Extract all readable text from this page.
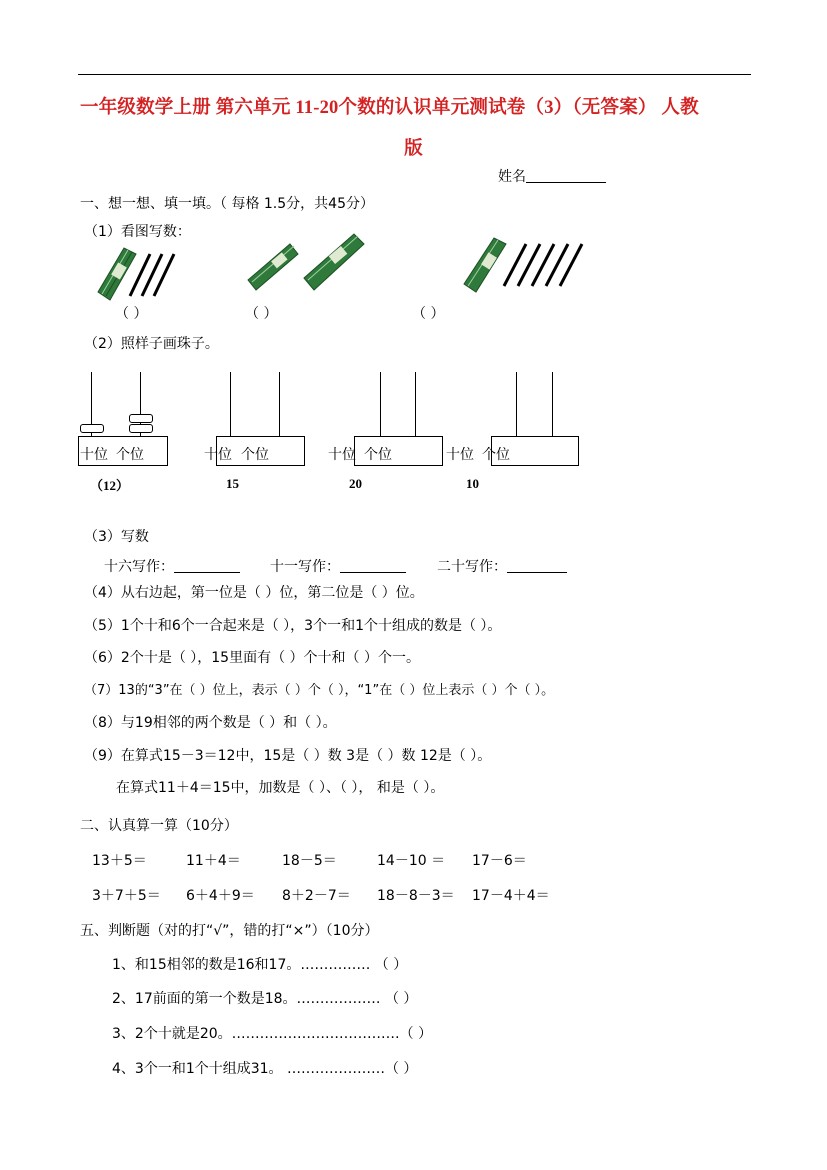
一年级数学上册 第六单元 11-20个数的认识单元测试卷（3）（无答案） 人教
版
姓名
一、想一想、填一填。（ 每格 1.5分，共45分）
（1）看图写数：
（ ）	（ ）	（ ）
（2）照样子画珠子。
十位 个位
（12）
十位 个位
15
十位 个位
20
十位 个位
10
（3）写数
十六写作：	十一写作：	二十写作：
（4）从右边起，第一位是（ ）位，第二位是（ ）位。
（5）1个十和6个一合起来是（ ），3个一和1个十组成的数是（ ）。
（6）2个十是（ ），15里面有（ ）个十和（ ）个一。
（7）13的“3”在（ ）位上，表示（ ）个（ ），“1”在（ ）位上表示（ ）个（ ）。
（8）与19相邻的两个数是（ ）和（ ）。
（9）在算式15－3＝12中，15是（ ）数 3是（ ）数 12是（ ）。
在算式11＋4＝15中，加数是（ ）、（ ）， 和是（ ）。
二、认真算一算（10分）
13＋5＝	11＋4＝	18－5＝	14－10 ＝ 17－6＝
3＋7＋5＝ 6＋4＋9＝ 8＋2－7＝ 18－8－3＝ 17－4＋4＝
五、判断题（对的打“√”，错的打“×”）（10分）
1、和15相邻的数是16和17。…………… （ ）
2、17前面的第一个数是18。……………… （ ）
3、2个十就是20。………………………………（ ）
4、3个一和1个十组成31。 …………………（ ）
